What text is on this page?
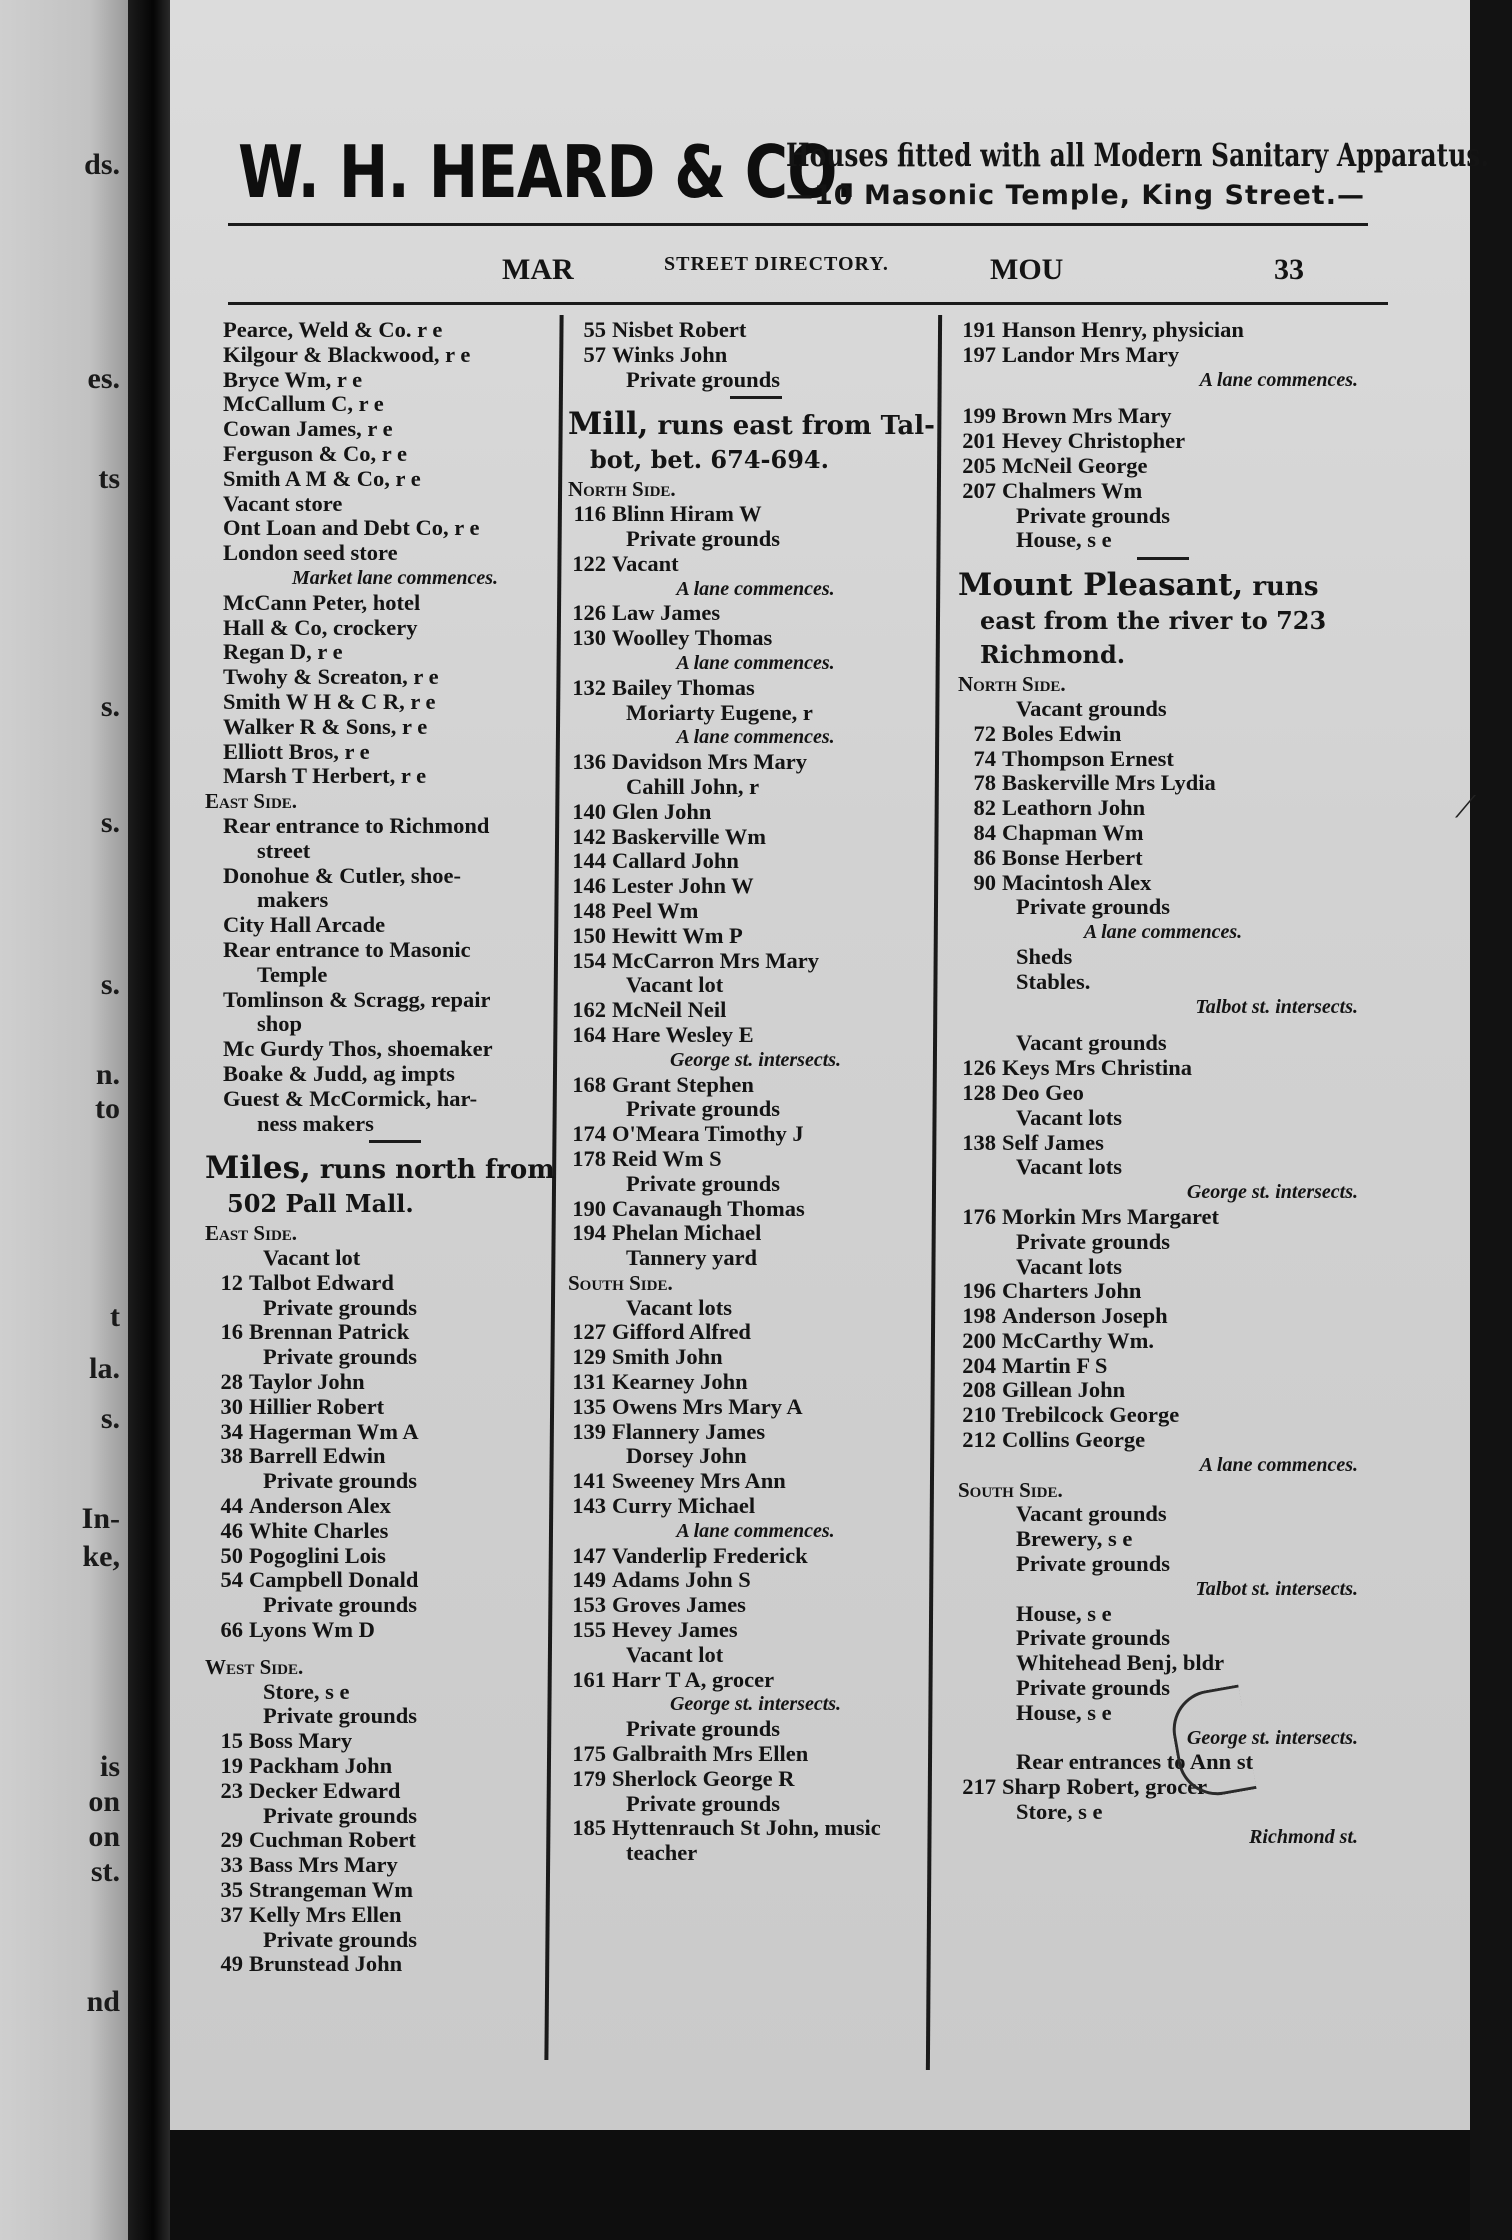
ds.
es.
ts
s.
s.
s.
n.
to
t
la.
s.
In-
ke,
is
on
on
st.
nd
W. H. HEARD & CO.
Houses fitted with all Modern Sanitary Apparatus.
—10 Masonic Temple, King Street.—
MAR	STREET DIRECTORY.	MOU	33
Pearce, Weld & Co. r e
Kilgour & Blackwood, r e
Bryce Wm, r e
McCallum C, r e
Cowan James, r e
Ferguson & Co, r e
Smith A M & Co, r e
Vacant store
Ont Loan and Debt Co, r e
London seed store
Market lane commences.
McCann Peter, hotel
Hall & Co, crockery
Regan D, r e
Twohy & Screaton, r e
Smith W H & C R, r e
Walker R & Sons, r e
Elliott Bros, r e
Marsh T Herbert, r e
East Side.
Rear entrance to Richmond
street
Donohue & Cutler, shoe-
makers
City Hall Arcade
Rear entrance to Masonic
Temple
Tomlinson & Scragg, repair
shop
Mc Gurdy Thos, shoemaker
Boake & Judd, ag impts
Guest & McCormick, har-
ness makers
Miles, runs north from
502 Pall Mall.
East Side.
Vacant lot
12 Talbot Edward
Private grounds
16 Brennan Patrick
Private grounds
28 Taylor John
30 Hillier Robert
34 Hagerman Wm A
38 Barrell Edwin
Private grounds
44 Anderson Alex
46 White Charles
50 Pogoglini Lois
54 Campbell Donald
Private grounds
66 Lyons Wm D
West Side.
Store, s e
Private grounds
15 Boss Mary
19 Packham John
23 Decker Edward
Private grounds
29 Cuchman Robert
33 Bass Mrs Mary
35 Strangeman Wm
37 Kelly Mrs Ellen
Private grounds
49 Brunstead John
55 Nisbet Robert
57 Winks John
Private grounds
Mill, runs east from Tal-
bot, bet. 674-694.
North Side.
116 Blinn Hiram W
Private grounds
122 Vacant
A lane commences.
126 Law James
130 Woolley Thomas
A lane commences.
132 Bailey Thomas
Moriarty Eugene, r
A lane commences.
136 Davidson Mrs Mary
Cahill John, r
140 Glen John
142 Baskerville Wm
144 Callard John
146 Lester John W
148 Peel Wm
150 Hewitt Wm P
154 McCarron Mrs Mary
Vacant lot
162 McNeil Neil
164 Hare Wesley E
George st. intersects.
168 Grant Stephen
Private grounds
174 O'Meara Timothy J
178 Reid Wm S
Private grounds
190 Cavanaugh Thomas
194 Phelan Michael
Tannery yard
South Side.
Vacant lots
127 Gifford Alfred
129 Smith John
131 Kearney John
135 Owens Mrs Mary A
139 Flannery James
Dorsey John
141 Sweeney Mrs Ann
143 Curry Michael
A lane commences.
147 Vanderlip Frederick
149 Adams John S
153 Groves James
155 Hevey James
Vacant lot
161 Harr T A, grocer
George st. intersects.
Private grounds
175 Galbraith Mrs Ellen
179 Sherlock George R
Private grounds
185 Hyttenrauch St John, music
teacher
191 Hanson Henry, physician
197 Landor Mrs Mary
A lane commences.
199 Brown Mrs Mary
201 Hevey Christopher
205 McNeil George
207 Chalmers Wm
Private grounds
House, s e
Mount Pleasant, runs
east from the river to 723 Richmond.
North Side.
Vacant grounds
72 Boles Edwin
74 Thompson Ernest
78 Baskerville Mrs Lydia
82 Leathorn John
84 Chapman Wm
86 Bonse Herbert
90 Macintosh Alex
Private grounds
A lane commences.
Sheds
Stables.
Talbot st. intersects.
Vacant grounds
126 Keys Mrs Christina
128 Deo Geo
Vacant lots
138 Self James
Vacant lots
George st. intersects.
176 Morkin Mrs Margaret
Private grounds
Vacant lots
196 Charters John
198 Anderson Joseph
200 McCarthy Wm.
204 Martin F S
208 Gillean John
210 Trebilcock George
212 Collins George
A lane commences.
South Side.
Vacant grounds
Brewery, s e
Private grounds
Talbot st. intersects.
House, s e
Private grounds
Whitehead Benj, bldr
Private grounds
House, s e
George st. intersects.
Rear entrances to Ann st
217 Sharp Robert, grocer
Store, s e
Richmond st.
⟋
